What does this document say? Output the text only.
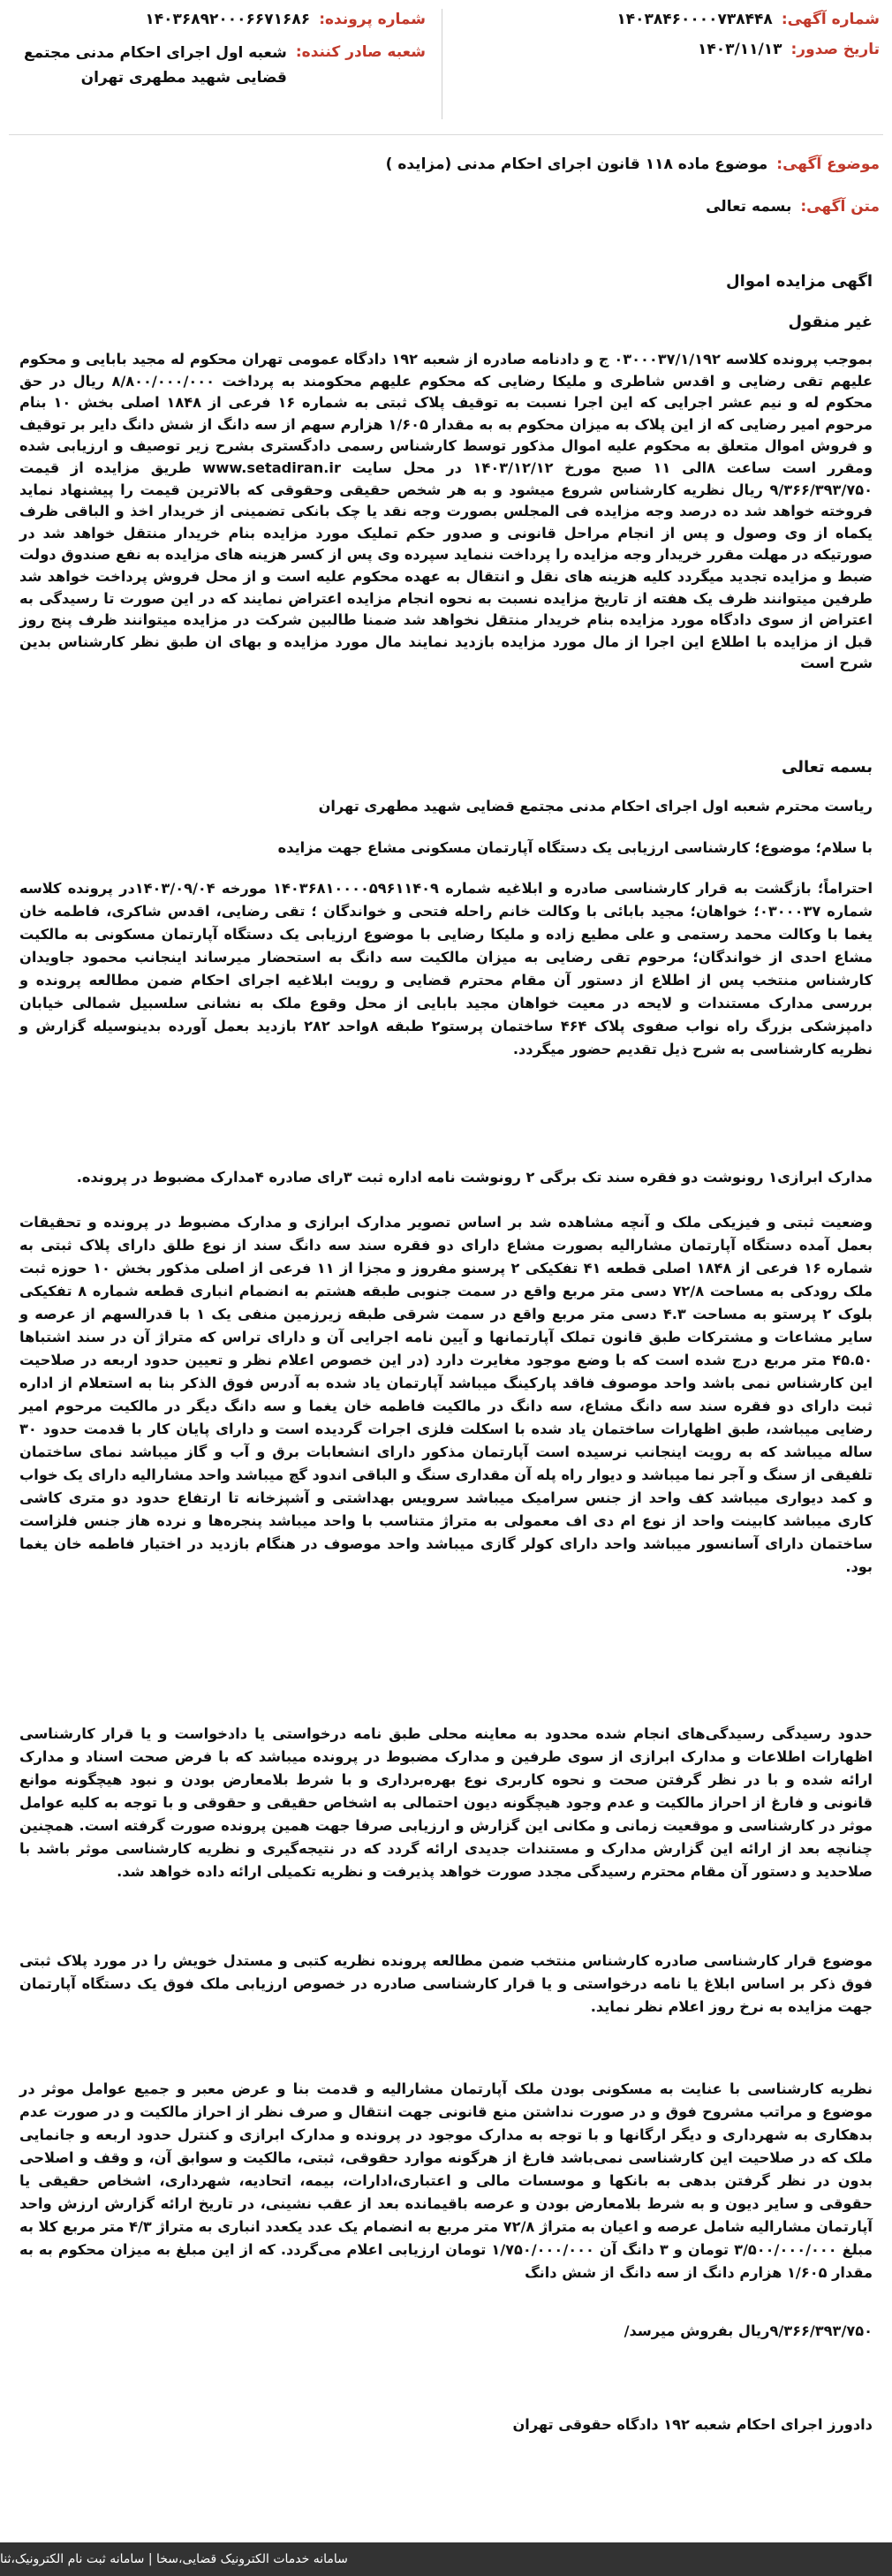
شماره آگهی:
۱۴۰۳۸۴۶۰۰۰۰۷۳۸۴۴۸
تاریخ صدور:
۱۴۰۳/۱۱/۱۳
شماره پرونده:
۱۴۰۳۶۸۹۲۰۰۰۶۶۷۱۶۸۶
شعبه صادر کننده:
شعبه اول اجرای احکام مدنی مجتمع قضایی شهید مطهری تهران
موضوع آگهی:
موضوع ماده ۱۱۸ قانون اجرای احکام مدنی (مزایده )
متن آگهی:
بسمه تعالی
اگهی مزایده اموال
غیر منقول

بموجب پرونده کلاسه ۰۳۰۰۰۳۷/۱/۱۹۲ ج و دادنامه صادره از شعبه ۱۹۲ دادگاه عمومی تهران محکوم له مجید بابایی و محکوم علیهم تقی رضایی و اقدس شاطری و ملیکا رضایی که محکوم علیهم محکومند به پرداخت ۸/۸۰۰/۰۰۰/۰۰۰ ریال در حق محکوم له و نیم عشر اجرایی که این اجرا نسبت به توقیف پلاک ثبتی به شماره ۱۶ فرعی از ۱۸۴۸ اصلی بخش ۱۰ بنام مرحوم امیر رضایی که از این پلاک به میزان محکوم به به مقدار ۱/۶۰۵ هزارم سهم از سه دانگ از شش دانگ دایر بر توقیف و فروش اموال متعلق به محکوم علیه اموال مذکور توسط کارشناس رسمی دادگستری بشرح زیر توصیف و ارزیابی شده ومقرر است ساعت ۸الی ۱۱ صبح مورخ ۱۴۰۳/۱۲/۱۲ در محل سایت www.setadiran.ir طریق مزایده از قیمت ۹/۳۶۶/۳۹۳/۷۵۰ ریال نظریه کارشناس شروع میشود و به هر شخص حقیقی وحقوقی که بالاترین قیمت را پیشنهاد نماید فروخته خواهد شد ده درصد وجه مزایده فی المجلس بصورت وجه نقد یا چک بانکی تضمینی از خریدار اخذ و الباقی ظرف یکماه از وی وصول و پس از انجام مراحل قانونی و صدور حکم تملیک مورد مزایده بنام خریدار منتقل خواهد شد در صورتیکه در مهلت مقرر خریدار وجه مزایده را پرداخت ننماید سپرده وی پس از کسر هزینه های مزایده به نفع صندوق دولت ضبط و مزایده تجدید میگردد کلیه هزینه های نقل و انتقال به عهده محکوم علیه است و از محل فروش پرداخت خواهد شد طرفین میتوانند ظرف یک هفته از تاریخ مزایده نسبت به نحوه انجام مزایده اعتراض نمایند که در این صورت تا رسیدگی به اعتراض از سوی دادگاه مورد مزایده بنام خریدار منتقل نخواهد شد ضمنا طالبین شرکت در مزایده میتوانند ظرف پنج روز قبل از مزایده با اطلاع این اجرا از مال مورد مزایده بازدید نمایند مال مورد مزایده و بهای ان طبق نظر کارشناس بدین شرح است

بسمه تعالی
ریاست محترم شعبه اول اجرای احکام مدنی مجتمع قضایی شهید مطهری تهران
با سلام؛ موضوع؛ کارشناسی ارزیابی یک دستگاه آپارتمان مسکونی مشاع جهت مزایده
احتراماً؛ بازگشت به قرار کارشناسی صادره و ابلاغیه شماره ۱۴۰۳۶۸۱۰۰۰۰۵۹۶۱۱۴۰۹ مورخه ۱۴۰۳/۰۹/۰۴در پرونده کلاسه شماره ۰۳۰۰۰۳۷؛ خواهان؛ مجید بابائی با وکالت خانم راحله فتحی و خواندگان ؛ تقی رضایی، اقدس شاکری، فاطمه خان یغما با وکالت محمد رستمی و علی مطیع زاده و ملیکا رضایی با موضوع ارزیابی یک دستگاه آپارتمان مسکونی به مالکیت مشاع احدی از خواندگان؛ مرحوم تقی رضایی به میزان مالکیت سه دانگ به استحضار میرساند اینجانب محمود جاویدان کارشناس منتخب پس از اطلاع از دستور آن مقام محترم قضایی و رویت ابلاغیه اجرای احکام ضمن مطالعه پرونده و بررسی مدارک مستندات و لایحه در معیت خواهان مجید بابایی از محل وقوع ملک به نشانی سلسبیل شمالی خیابان دامپزشکی بزرگ راه نواب صفوی پلاک ۴۶۴ ساختمان پرستو۲ طبقه ۸واحد ۲۸۲ بازدید بعمل آورده بدینوسیله گزارش و نظریه کارشناسی به شرح ذیل تقدیم حضور میگردد.
مدارک ابرازی۱ رونوشت دو فقره سند تک برگی ۲ رونوشت نامه اداره ثبت ۳رای صادره ۴مدارک مضبوط در پرونده.
وضعیت ثبتی و فیزیکی ملک و آنچه مشاهده شد بر اساس تصویر مدارک ابرازی و مدارک مضبوط در پرونده و تحقیقات بعمل آمده دستگاه آپارتمان مشارالیه بصورت مشاع دارای دو فقره سند سه دانگ سند از نوع طلق دارای پلاک ثبتی به شماره ۱۶ فرعی از ۱۸۴۸ اصلی قطعه ۴۱ تفکیکی ۲ پرسنو مفروز و مجزا از ۱۱ فرعی از اصلی مذکور بخش ۱۰ حوزه ثبت ملک رودکی به مساحت ۷۲/۸ دسی متر مربع واقع در سمت جنوبی طبقه هشتم به انضمام انباری قطعه شماره ۸ تفکیکی بلوک ۲ پرستو به مساحت ۴.۳ دسی متر مربع واقع در سمت شرقی طبقه زیرزمین منفی یک ۱ با قدرالسهم از عرصه و سایر مشاعات و مشترکات طبق قانون تملک آپارتمانها و آیین نامه اجرایی آن و دارای تراس که متراژ آن در سند اشتباها ۴۵.۵۰ متر مربع درج شده است که با وضع موجود مغایرت دارد (در این خصوص اعلام نظر و تعیین حدود اربعه در صلاحیت این کارشناس نمی باشد واحد موصوف فاقد پارکینگ میباشد آپارتمان یاد شده به آدرس فوق الذکر بنا به استعلام از اداره ثبت دارای دو فقره سند سه دانگ مشاع، سه دانگ در مالکیت فاطمه خان یغما و سه دانگ دیگر در مالکیت مرحوم امیر رضایی میباشد، طبق اظهارات ساختمان یاد شده با اسکلت فلزی اجرات گردیده است و دارای پایان کار با قدمت حدود ۳۰ ساله میباشد که به رویت اینجانب نرسیده است آپارتمان مذکور دارای انشعابات برق و آب و گاز میباشد نمای ساختمان تلفیقی از سنگ و آجر نما میباشد و دیوار راه پله آن مقداری سنگ و الباقی اندود گچ میباشد واحد مشارالیه دارای یک خواب و کمد دیواری میباشد کف واحد از جنس سرامیک میباشد سرویس بهداشتی و آشپزخانه تا ارتفاع حدود دو متری کاشی کاری میباشد کابینت واحد از نوع ام دی اف معمولی به متراژ متناسب با واحد میباشد پنجره‌ها و نرده هاز جنس فلزاست ساختمان دارای آسانسور میباشد واحد دارای کولر گازی میباشد واحد موصوف در هنگام بازدید در اختیار فاطمه خان یغما بود.
حدود رسیدگی رسیدگی‌های انجام شده محدود به معاینه محلی طبق نامه درخواستی یا دادخواست و یا قرار کارشناسی اظهارات اطلاعات و مدارک ابرازی از سوی طرفین و مدارک مضبوط در پرونده میباشد که با فرض صحت اسناد و مدارک ارائه شده و با در نظر گرفتن صحت و نحوه کاربری نوع بهره‌برداری و با شرط بلامعارض بودن و نبود هیچگونه موانع قانونی و فارغ از احراز مالکیت و عدم وجود هیچگونه دیون احتمالی به اشخاص حقیقی و حقوقی و با توجه به کلیه عوامل موثر در کارشناسی و موقعیت زمانی و مکانی این گزارش و ارزیابی صرفا جهت همین پرونده صورت گرفته است. همچنین چنانچه بعد از ارائه این گزارش مدارک و مستندات جدیدی ارائه گردد که در نتیجه‌گیری و نظریه کارشناسی موثر باشد با صلاحدید و دستور آن مقام محترم رسیدگی مجدد صورت خواهد پذیرفت و نظریه تکمیلی ارائه داده خواهد شد.
موضوع قرار کارشناسی صادره کارشناس منتخب ضمن مطالعه پرونده نظریه کتبی و مستدل خویش را در مورد پلاک ثبتی فوق ذکر بر اساس ابلاغ یا نامه درخواستی و یا قرار کارشناسی صادره در خصوص ارزیابی ملک فوق یک دستگاه آپارتمان جهت مزایده به نرخ روز اعلام نظر نماید.
نظریه کارشناسی با عنایت به مسکونی بودن ملک آپارتمان مشارالیه و قدمت بنا و عرض معبر و جمیع عوامل موثر در موضوع و مراتب مشروح فوق و در صورت نداشتن منع قانونی جهت انتقال و صرف نظر از احراز مالکیت و در صورت عدم بدهکاری به شهرداری و دیگر ارگانها و با توجه به مدارک موجود در پرونده و مدارک ابرازی و کنترل حدود اربعه و جانمایی ملک که در صلاحیت این کارشناسی نمی‌باشد فارغ از هرگونه موارد حقوقی، ثبتی، مالکیت و سوابق آن، و وقف و اصلاحی بدون در نظر گرفتن بدهی به بانکها و موسسات مالی و اعتباری،ادارات، بیمه، اتحادیه، شهرداری، اشخاص حقیقی یا حقوقی و سایر دیون و به شرط بلامعارض بودن و عرصه باقیمانده بعد از عقب نشینی، در تاریخ ارائه گزارش ارزش واحد آپارتمان مشارالیه شامل عرصه و اعیان به متراژ ۷۲/۸ متر مربع به انضمام یک عدد یکعدد انباری به متراژ ۴/۳ متر مربع کلا به مبلغ ۳/۵۰۰/۰۰۰/۰۰۰ تومان و ۳ دانگ آن ۱/۷۵۰/۰۰۰/۰۰۰ تومان ارزیابی اعلام می‌گردد. که از این مبلغ به میزان محکوم به به مقدار ۱/۶۰۵ هزارم دانگ از سه دانگ از شش دانگ
۹/۳۶۶/۳۹۳/۷۵۰ریال بفروش میرسد/
دادورز اجرای احکام شعبه ۱۹۲ دادگاه حقوقی تهران
سامانه خدمات الکترونیک قضایی،سخا | سامانه ثبت نام الکترونیک،ثنا
